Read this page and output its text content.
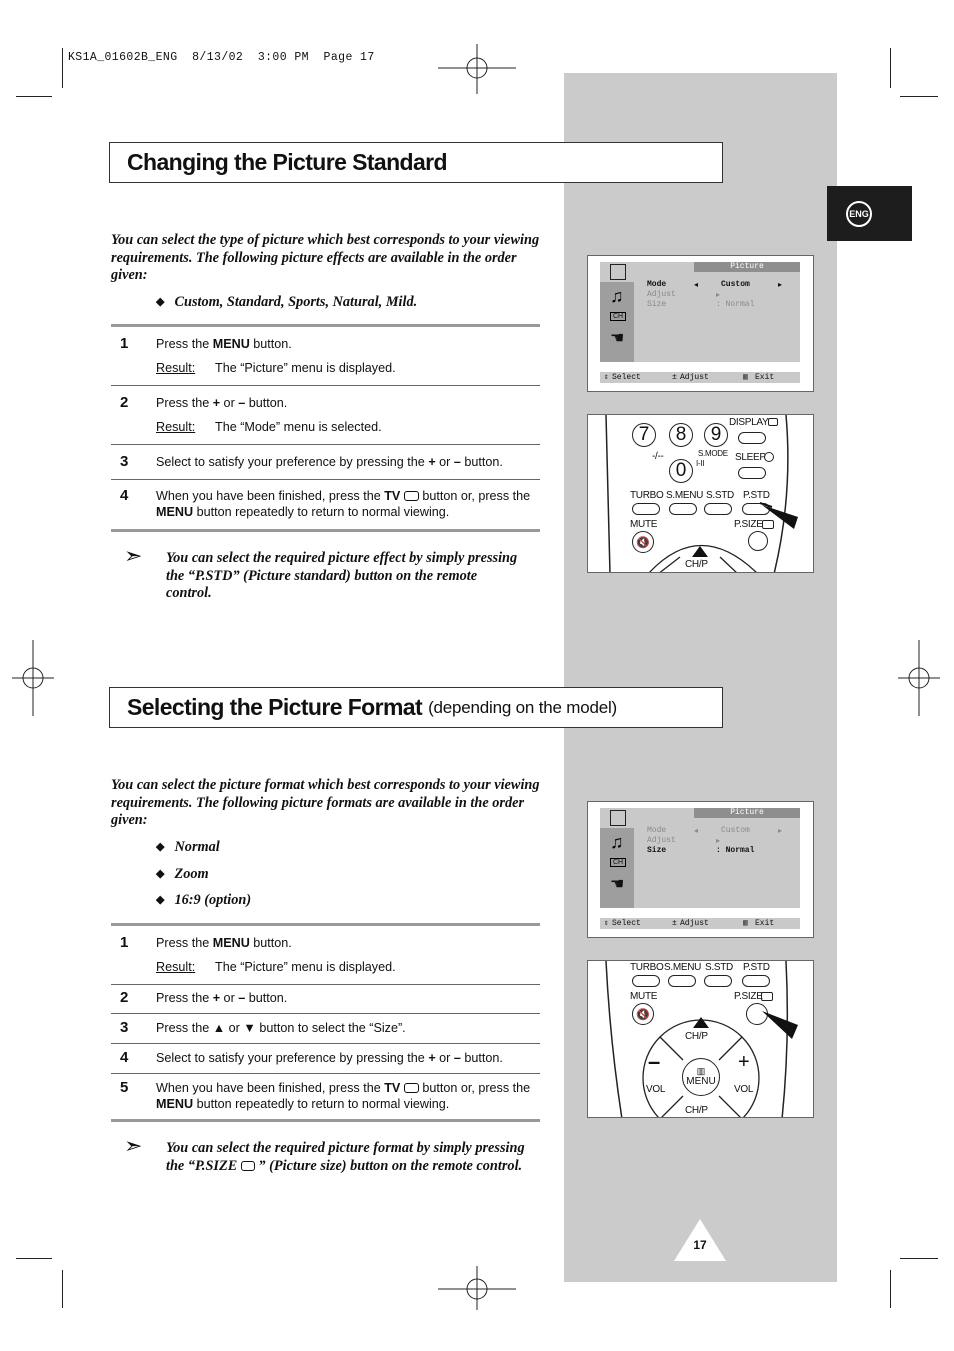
KS1A_01602B_ENG  8/13/02  3:00 PM  Page 17
ENG
Changing the Picture Standard
You can select the type of picture which best corresponds to your viewing requirements. The following picture effects are available in the order given:
◆ Custom, Standard, Sports, Natural, Mild.
1 Press the MENU button.
Result: The “Picture” menu is displayed.
2 Press the + or – button.
Result: The “Mode” menu is selected.
3 Select to satisfy your preference by pressing the + or – button.
4 When you have been finished, press the TV  button or, press the MENU button repeatedly to return to normal viewing.
➣ You can select the required picture effect by simply pressing the “P.STD” (Picture standard) button on the remote control.
♫
CH
☚
Picture
Mode	◂	Custom	▸
Adjust	▸
Size	: Normal
⇕ Select	± Adjust	▥ Exit
7	8	9
DISPLAY
-/--
0
S.MODE
I-II
SLEEP
TURBO S.MENU S.STD P.STD
MUTE	P.SIZE
🔇
CH/P
Selecting the Picture Format (depending on the model)
You can select the picture format which best corresponds to your viewing requirements. The following picture formats are available in the order given:
◆ Normal
◆ Zoom
◆ 16:9 (option)
1 Press the MENU button.
Result: The “Picture” menu is displayed.
2 Press the + or – button.
3 Press the ▲ or ▼ button to select the “Size”.
4 Select to satisfy your preference by pressing the + or – button.
5 When you have been finished, press the TV  button or, press the MENU button repeatedly to return to normal viewing.
➣ You can select the required picture format by simply pressing the “P.SIZE ” (Picture size) button on the remote control.
♫
CH
☚
Picture
Mode	◂	Custom	▸
Adjust	▸
Size	: Normal
⇕ Select	± Adjust	▥ Exit
TURBO S.MENU S.STD P.STD
MUTE	P.SIZE
🔇
CH/P
–	+
▥
MENU
VOL	VOL
CH/P
17
